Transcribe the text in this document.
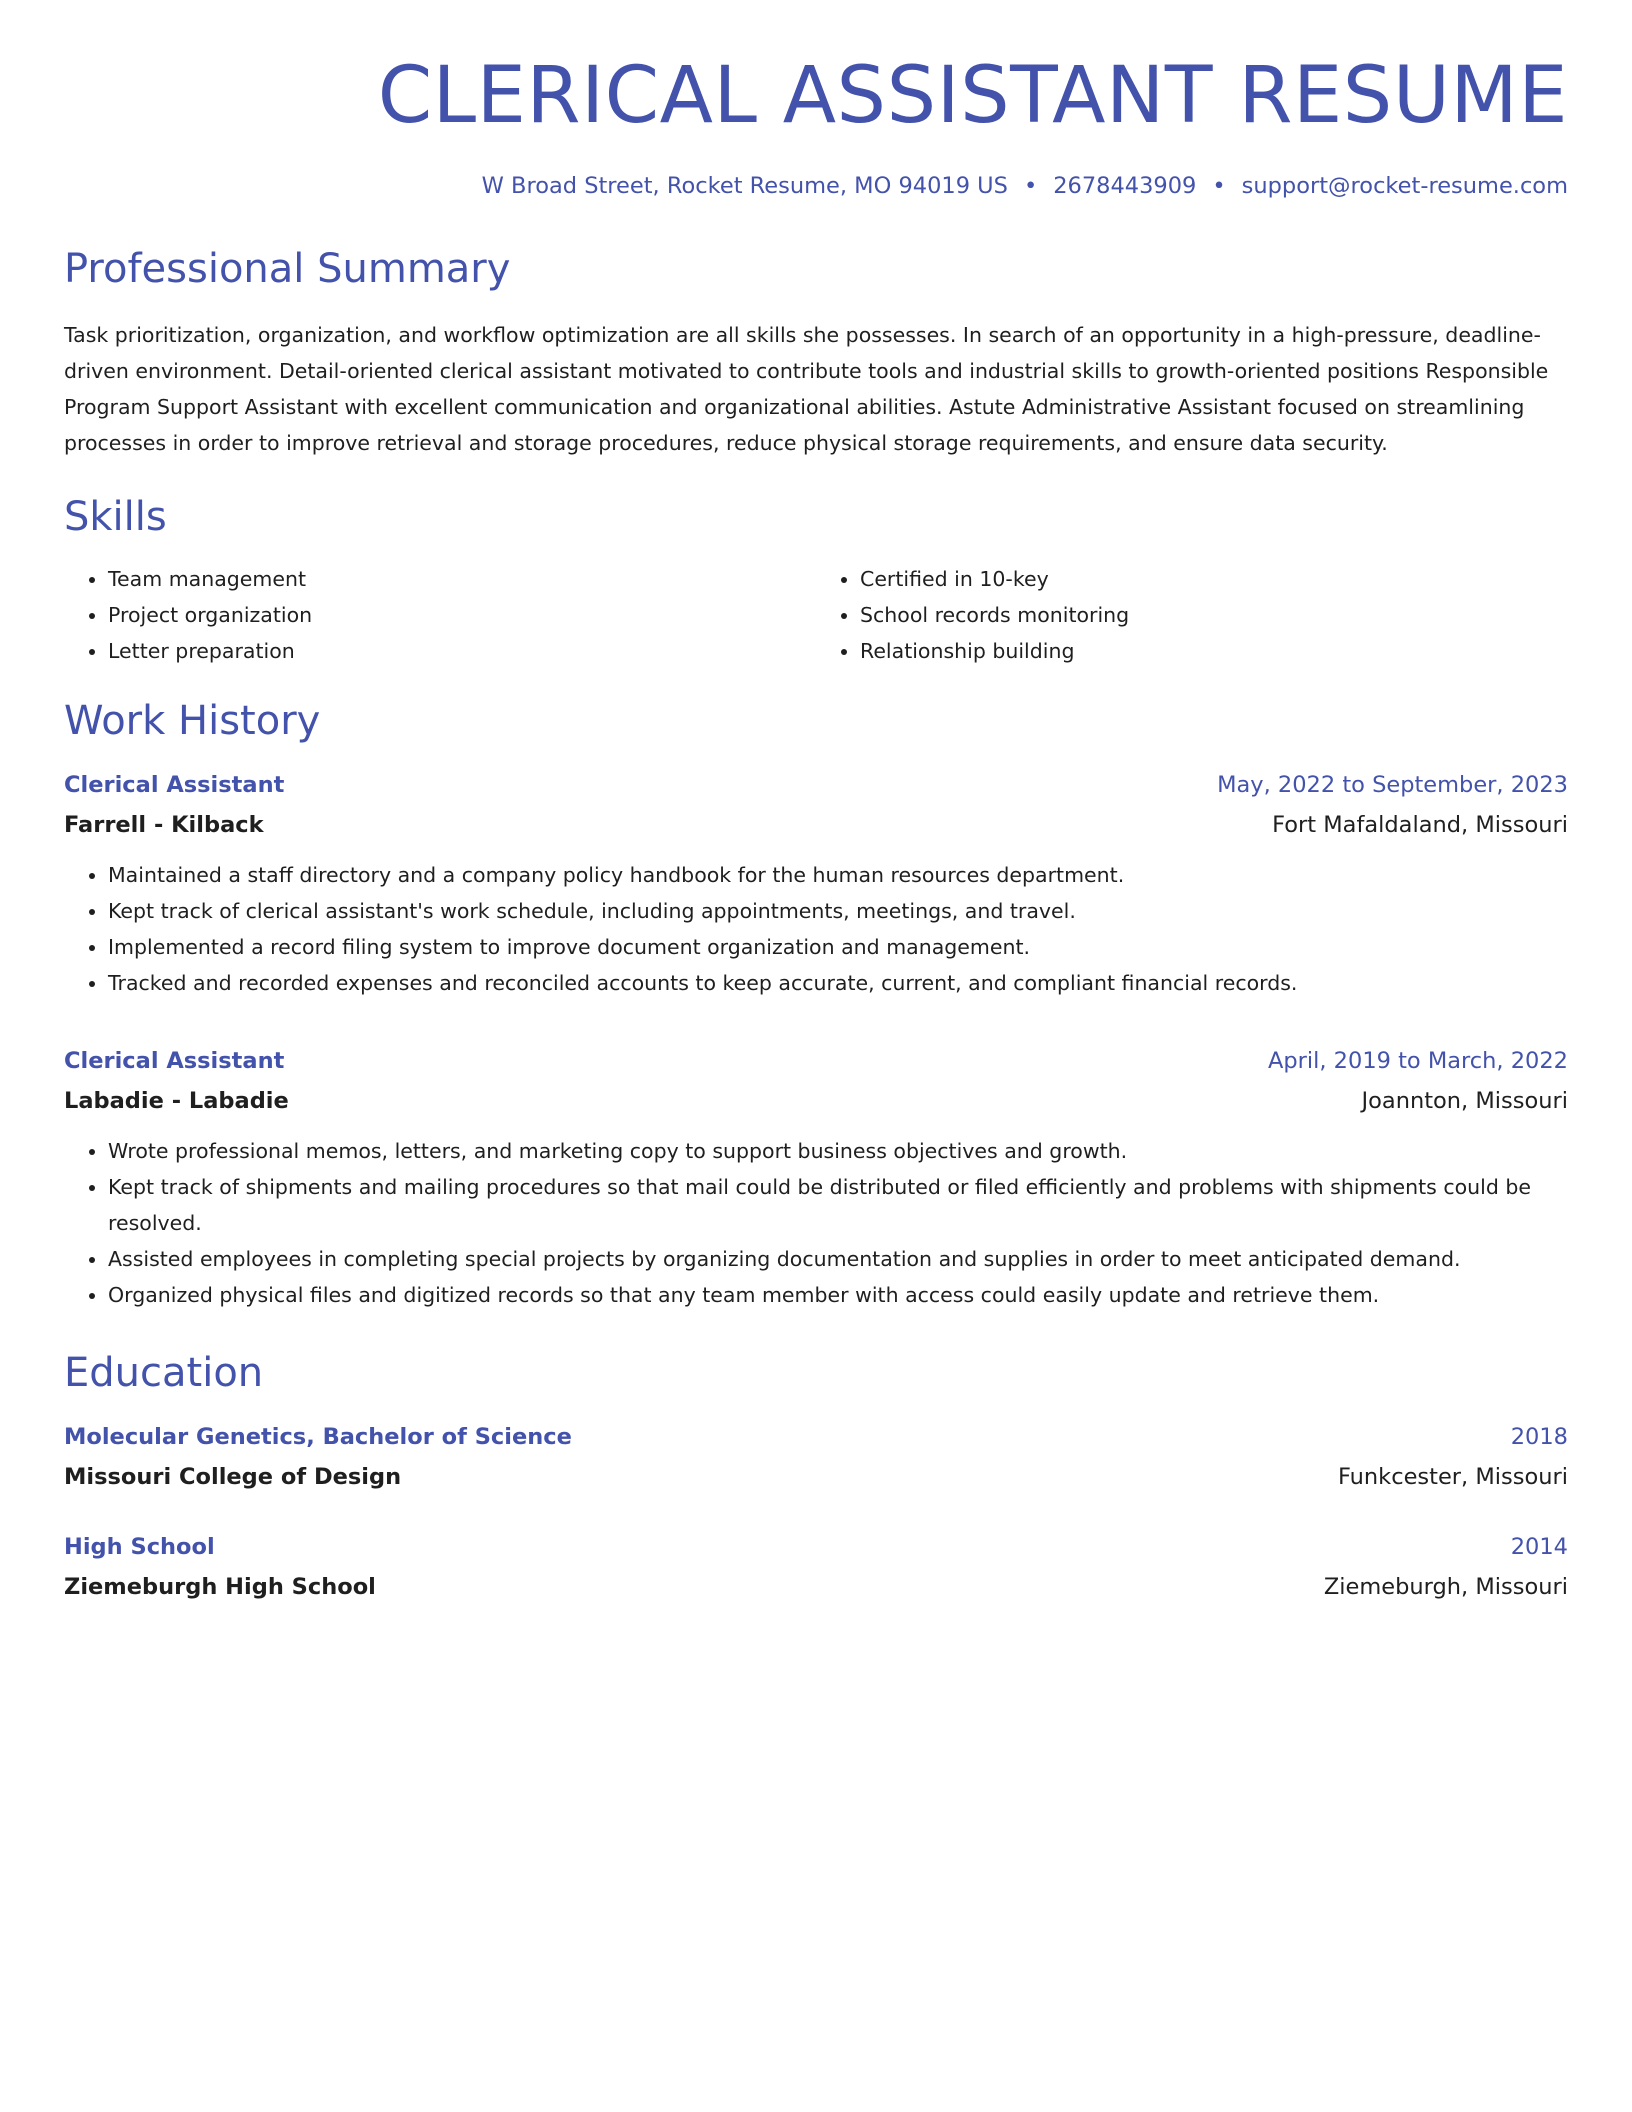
CLERICAL ASSISTANT RESUME
W Broad Street, Rocket Resume, MO 94019 US • 2678443909 • support@rocket-resume.com
Professional Summary

Task prioritization, organization, and workflow optimization are all skills she possesses. In search of an opportunity in a high-pressure, deadline-driven environment. Detail-oriented clerical assistant motivated to contribute tools and industrial skills to growth-oriented positions Responsible Program Support Assistant with excellent communication and organizational abilities. Astute Administrative Assistant focused on streamlining processes in order to improve retrieval and storage procedures, reduce physical storage requirements, and ensure data security.

Skills
• Team management
• Project organization
• Letter preparation
• Certified in 10-key
• School records monitoring
• Relationship building
Work History
Clerical Assistant	May, 2022 to September, 2023
Farrell - Kilback	Fort Mafaldaland, Missouri
• Maintained a staff directory and a company policy handbook for the human resources department.
• Kept track of clerical assistant's work schedule, including appointments, meetings, and travel.
• Implemented a record filing system to improve document organization and management.
• Tracked and recorded expenses and reconciled accounts to keep accurate, current, and compliant financial records.
Clerical Assistant	April, 2019 to March, 2022
Labadie - Labadie	Joannton, Missouri
• Wrote professional memos, letters, and marketing copy to support business objectives and growth.
• Kept track of shipments and mailing procedures so that mail could be distributed or filed efficiently and problems with shipments could be resolved.
• Assisted employees in completing special projects by organizing documentation and supplies in order to meet anticipated demand.
• Organized physical files and digitized records so that any team member with access could easily update and retrieve them.
Education
Molecular Genetics, Bachelor of Science	2018
Missouri College of Design	Funkcester, Missouri
High School	2014
Ziemeburgh High School	Ziemeburgh, Missouri
